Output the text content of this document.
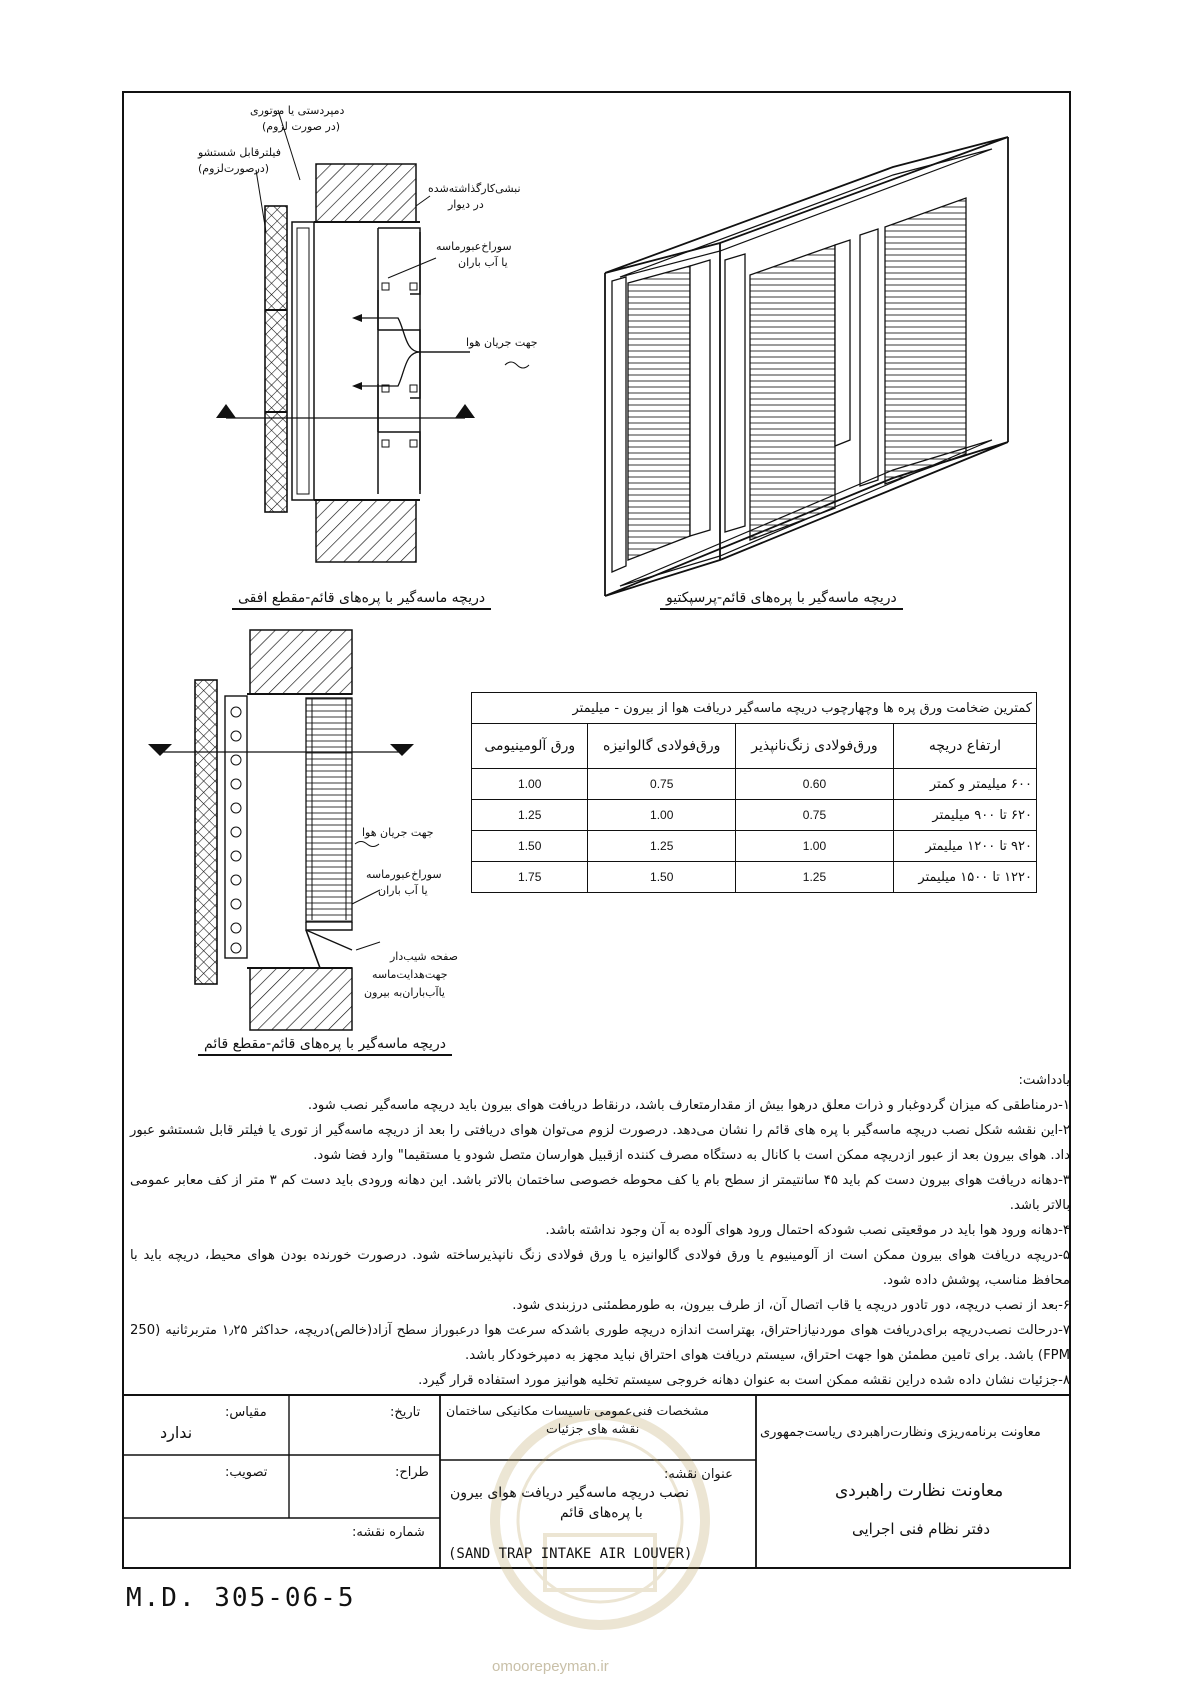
دمپردستی یا موتوری
(در صورت لزوم)
فیلترقابل شستشو
(درصورت‌لزوم)
نبشی‌کارگذاشته‌شده
در دیوار
سوراخ‌عبورماسه
یا آب باران
جهت جریان هوا
دریچه ماسه‌گیر با پره‌های قائم-مقطع افقی	دریچه ماسه‌گیر با پره‌های قائم-پرسپکتیو
جهت جریان هوا
سوراخ‌عبورماسه
یا آب باران
صفحه شیب‌دار
جهت‌هدایت‌ماسه
یاآب‌باران‌به بیرون
دریچه ماسه‌گیر با پره‌های قائم-مقطع قائم
کمترین ضخامت ورق پره ها وچهارچوب دریچه ماسه‌گیر دریافت هوا از بیرون - میلیمتر			
ورق آلومینیومی	ورق‌فولادی گالوانیزه	ورق‌فولادی زنگ‌نانپذیر	ارتفاع دریچه
1.00	0.75	0.60	۶۰۰ میلیمتر و کمتر
1.25	1.00	0.75	۶۲۰ تا ۹۰۰ میلیمتر
1.50	1.25	1.00	۹۲۰ تا ۱۲۰۰ میلیمتر
1.75	1.50	1.25	۱۲۲۰ تا ۱۵۰۰ میلیمتر
یادداشت:
۱-درمناطقی که میزان گردوغبار و ذرات معلق درهوا بیش از مقدارمتعارف باشد، درنقاط دریافت هوای بیرون باید دریچه ماسه‌گیر نصب شود.
۲-این نقشه شکل نصب دریچه ماسه‌گیر با پره های قائم را نشان می‌دهد. درصورت لزوم می‌توان هوای دریافتی را بعد از دریچه ماسه‌گیر از توری یا فیلتر قابل شستشو عبور داد. هوای بیرون بعد از عبور ازدریچه ممکن است با کانال به دستگاه مصرف کننده ازقبیل هوارسان متصل شودو یا مستقیما" وارد فضا شود.
۳-دهانه دریافت هوای بیرون دست کم باید ۴۵ سانتیمتر از سطح بام یا کف محوطه خصوصی ساختمان بالاتر باشد. این دهانه ورودی باید دست کم ۳ متر از کف معابر عمومی بالاتر باشد.
۴-دهانه ورود هوا باید در موقعیتی نصب شودکه احتمال ورود هوای آلوده به آن وجود نداشته باشد.
۵-دریچه دریافت هوای بیرون ممکن است از آلومینیوم یا ورق فولادی گالوانیزه یا ورق فولادی زنگ نانپذیرساخته شود. درصورت خورنده بودن هوای محیط، دریچه باید با محافظ مناسب، پوشش داده شود.
۶-بعد از نصب دریچه، دور تادور دریچه یا قاب اتصال آن، از طرف بیرون، به طورمطمئنی درزبندی شود.
۷-درحالت نصب‌دریچه برای‌دریافت هوای موردنیازاحتراق، بهتراست اندازه دریچه طوری باشدکه سرعت هوا درعبوراز سطح آزاد(خالص)دریچه، حداکثر ۱٫۲۵ متربرثانیه (250 FPM) باشد. برای تامین مطمئن هوا جهت احتراق، سیستم دریافت هوای احتراق نباید مجهز به دمپرخودکار باشد.
۸-جزئیات نشان داده شده دراین نقشه ممکن است به عنوان دهانه خروجی سیستم تخلیه هوانیز مورد استفاده قرار گیرد.
مقیاس:
ندارد
تاریخ:
تصویب:	طراح:
شماره نقشه:
M.D. 305-06-5
مشخصات فنی‌عمومی تاسیسات مکانیکی ساختمان
نقشه های جزئیات
عنوان نقشه:
نصب دریچه ماسه‌گیر دریافت هوای بیرون
با پره‌های قائم
(SAND TRAP INTAKE AIR LOUVER)
معاونت برنامه‌ریزی ونظارت‌راهبردی ریاست‌جمهوری
معاونت نظارت راهبردی
دفتر نظام فنی اجرایی
omoorepeyman.ir
